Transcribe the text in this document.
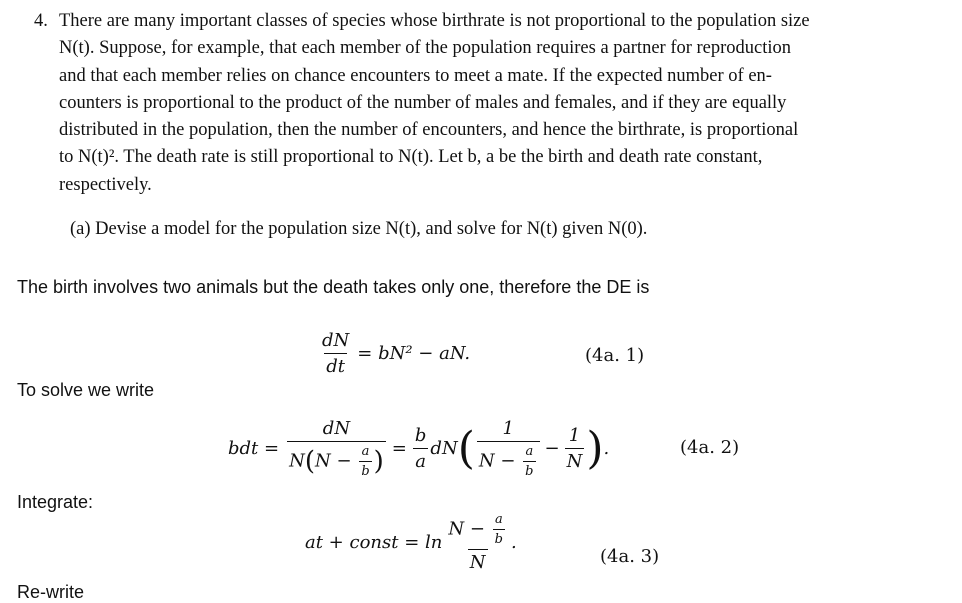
4. There are many important classes of species whose birthrate is not proportional to the population size

N(t). Suppose, for example, that each member of the population requires a partner for reproduction

and that each member relies on chance encounters to meet a mate. If the expected number of en-

counters is proportional to the product of the number of males and females, and if they are equally

distributed in the population, then the number of encounters, and hence the birthrate, is proportional

to N(t)². The death rate is still proportional to N(t). Let b, a be the birth and death rate constant,

respectively.

(a) Devise a model for the population size N(t), and solve for N(t) given N(0).
The birth involves two animals but the death takes only one, therefore the DE is
$\frac{dN}{dt} = bN^2$ − aN.	(4a. 1)
To solve we write
bdt = $\frac{dN}{N(N - \frac{a}{b} )} = \frac{b}{a}$ dN ( $\frac{1}{N - \frac{a}{b}} - \frac{1}{N}$ ) .	(4a. 2)
Integrate:
at + const = $\ln \frac{N - \frac{a}{b}}{N}$ .
(4a. 3)
Re-write
